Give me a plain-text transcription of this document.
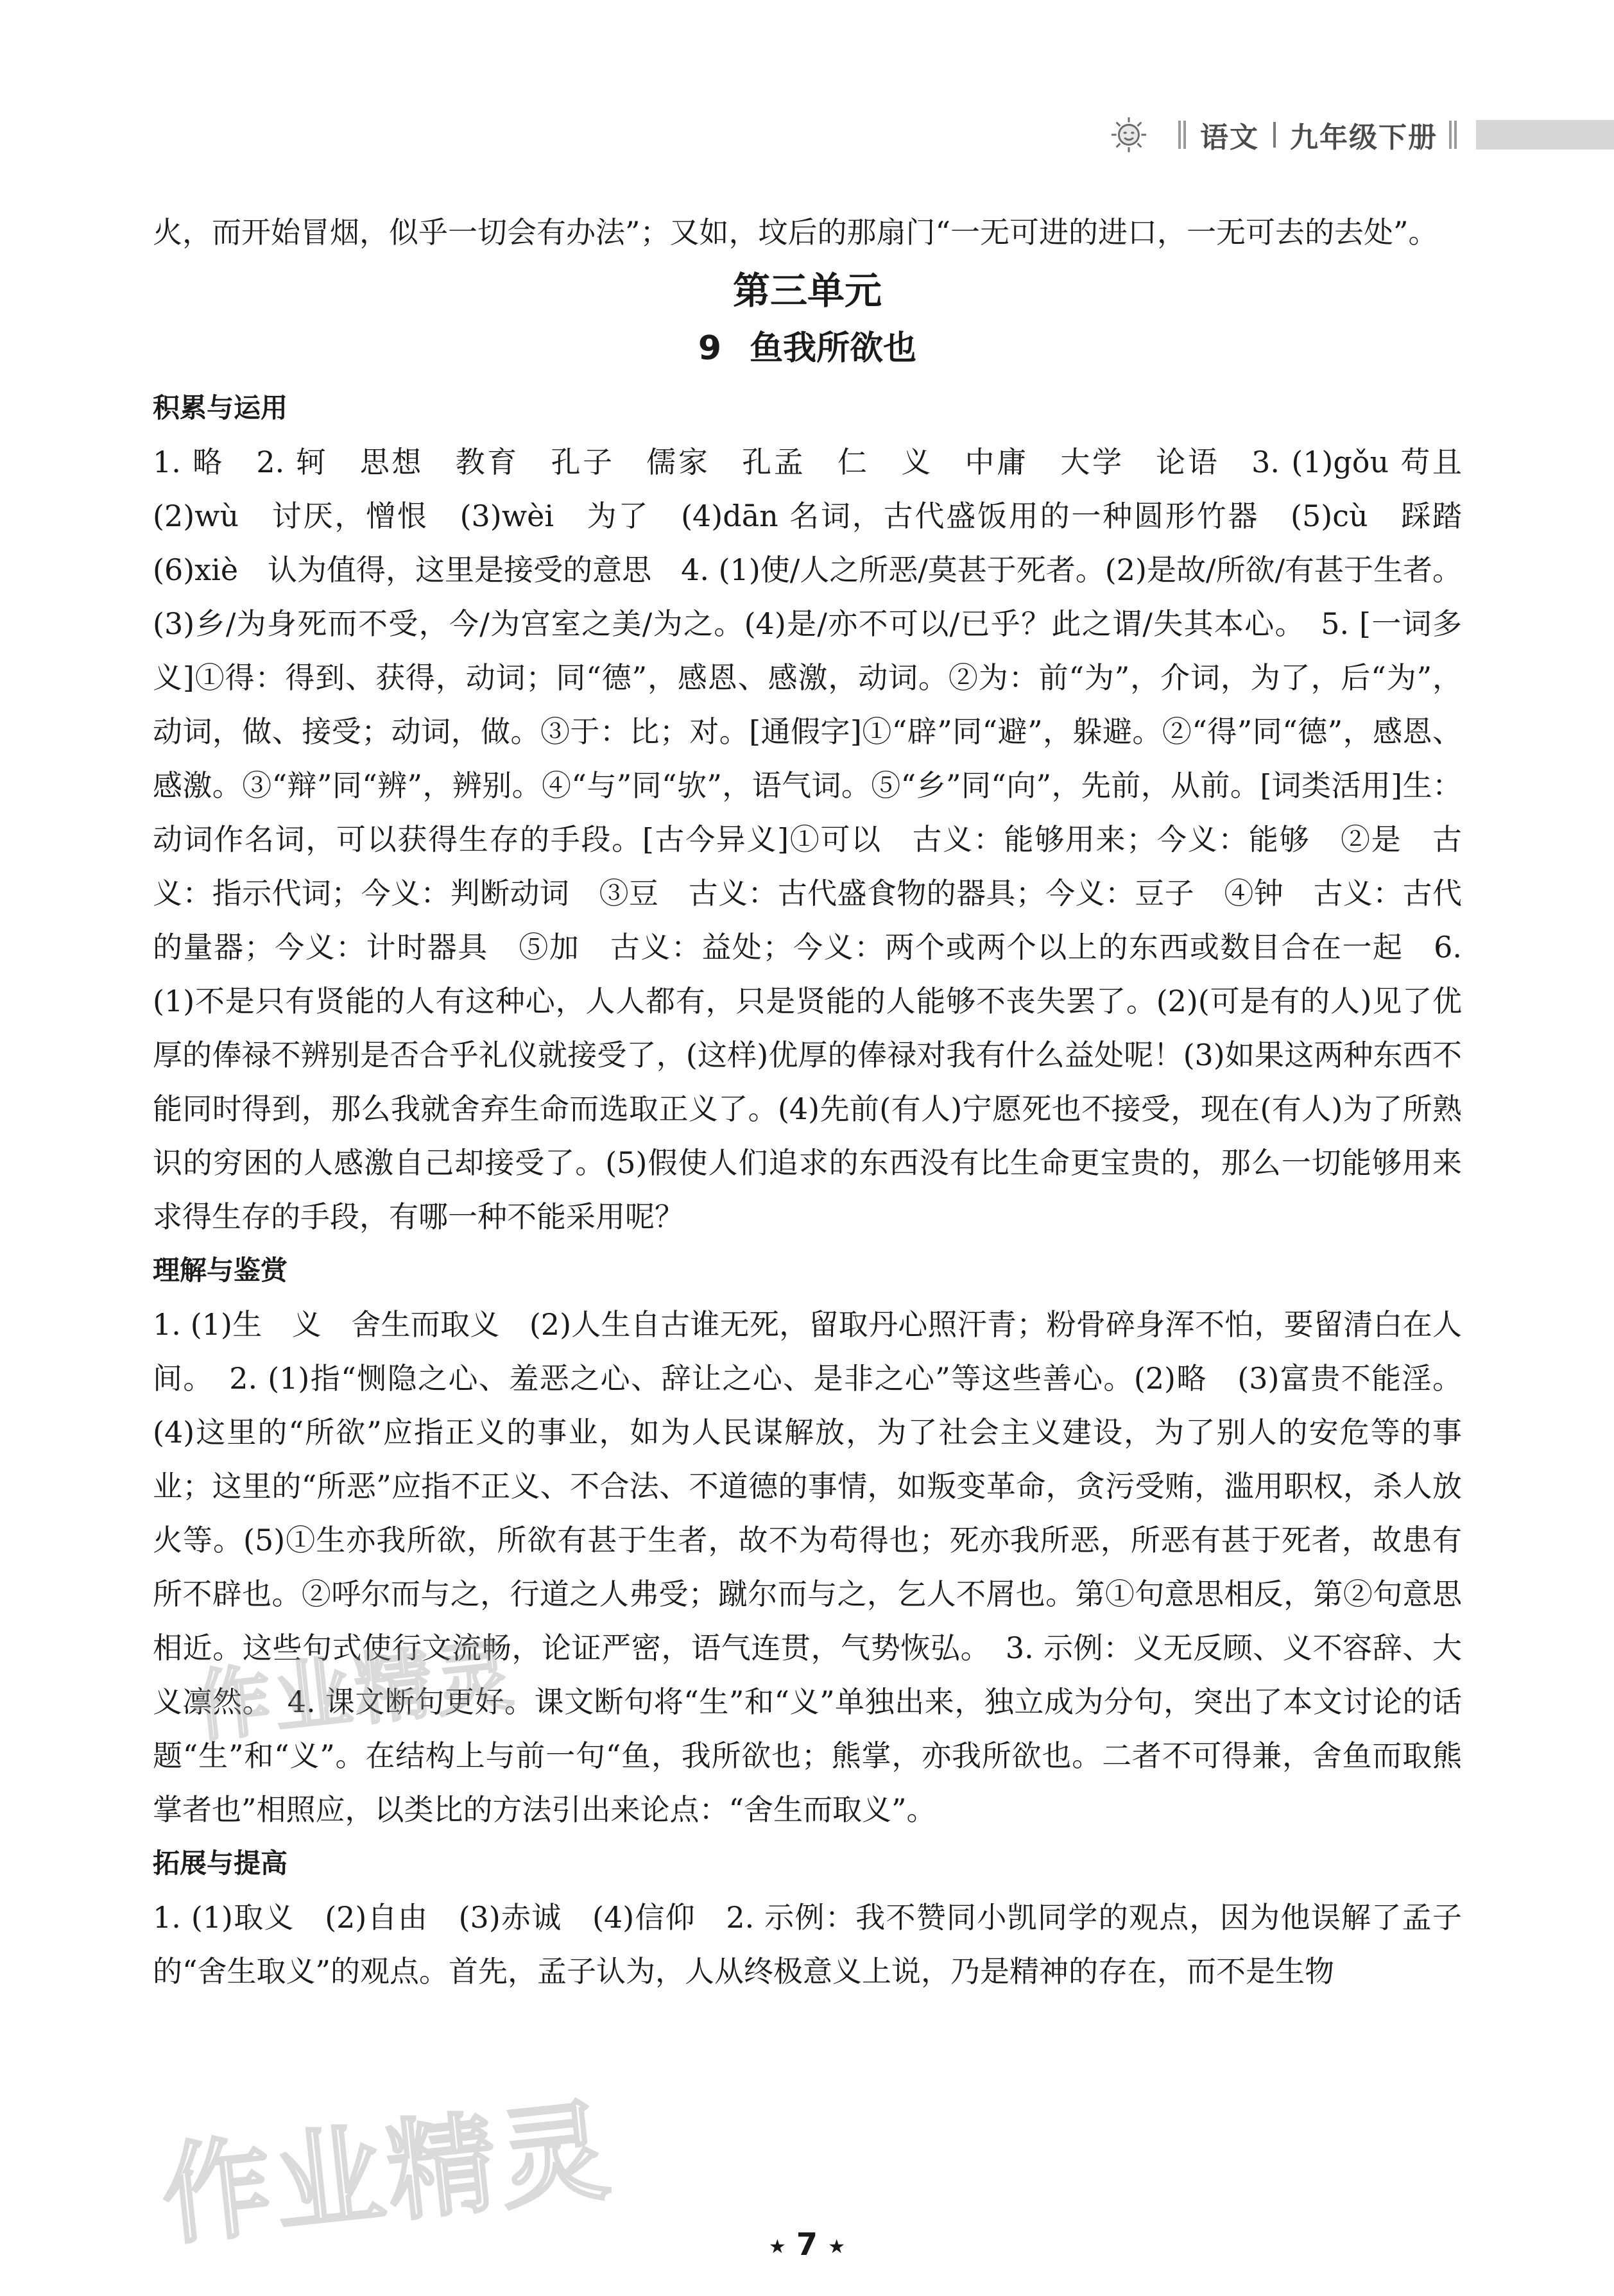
语文 九年级下册

火，而开始冒烟，似乎一切会有办法”；又如，坟后的那扇门“一无可进的进口，一无可去的去处”。

第三单元
9 鱼我所欲也
积累与运用

1. 略　2. 轲　思想　教育　孔子　儒家　孔孟　仁　义　中庸　大学　论语　3. (1)gǒu 苟且　(2)wù　讨厌，憎恨　(3)wèi　为了　(4)dān 名词，古代盛饭用的一种圆形竹器　(5)cù　踩踏　(6)xiè　认为值得，这里是接受的意思　4. (1)使/人之所恶/莫甚于死者。(2)是故/所欲/有甚于生者。(3)乡/为身死而不受，今/为宫室之美/为之。(4)是/亦不可以/已乎？此之谓/失其本心。　5. [一词多义]①得：得到、获得，动词；同“德”，感恩、感激，动词。②为：前“为”，介词，为了，后“为”，动词，做、接受；动词，做。③于：比；对。[通假字]①“辟”同“避”，躲避。②“得”同“德”，感恩、感激。③“辩”同“辨”，辨别。④“与”同“欤”，语气词。⑤“乡”同“向”，先前，从前。[词类活用]生：动词作名词，可以获得生存的手段。[古今异义]①可以　古义：能够用来；今义：能够　②是　古义：指示代词；今义：判断动词　③豆　古义：古代盛食物的器具；今义：豆子　④钟　古义：古代的量器；今义：计时器具　⑤加　古义：益处；今义：两个或两个以上的东西或数目合在一起　6. (1)不是只有贤能的人有这种心，人人都有，只是贤能的人能够不丧失罢了。(2)(可是有的人)见了优厚的俸禄不辨别是否合乎礼仪就接受了，(这样)优厚的俸禄对我有什么益处呢！(3)如果这两种东西不能同时得到，那么我就舍弃生命而选取正义了。(4)先前(有人)宁愿死也不接受，现在(有人)为了所熟识的穷困的人感激自己却接受了。(5)假使人们追求的东西没有比生命更宝贵的，那么一切能够用来求得生存的手段，有哪一种不能采用呢？

理解与鉴赏

1. (1)生　义　舍生而取义　(2)人生自古谁无死，留取丹心照汗青；粉骨碎身浑不怕，要留清白在人间。　2. (1)指“恻隐之心、羞恶之心、辞让之心、是非之心”等这些善心。(2)略　(3)富贵不能淫。(4)这里的“所欲”应指正义的事业，如为人民谋解放，为了社会主义建设，为了别人的安危等的事业；这里的“所恶”应指不正义、不合法、不道德的事情，如叛变革命，贪污受贿，滥用职权，杀人放火等。(5)①生亦我所欲，所欲有甚于生者，故不为苟得也；死亦我所恶，所恶有甚于死者，故患有所不辟也。②呼尔而与之，行道之人弗受；蹴尔而与之，乞人不屑也。第①句意思相反，第②句意思相近。这些句式使行文流畅，论证严密，语气连贯，气势恢弘。　3. 示例：义无反顾、义不容辞、大义凛然。　4. 课文断句更好。课文断句将“生”和“义”单独出来，独立成为分句，突出了本文讨论的话题“生”和“义”。在结构上与前一句“鱼，我所欲也；熊掌，亦我所欲也。二者不可得兼，舍鱼而取熊掌者也”相照应，以类比的方法引出来论点：“舍生而取义”。

拓展与提高

1. (1)取义　(2)自由　(3)赤诚　(4)信仰　2. 示例：我不赞同小凯同学的观点，因为他误解了孟子的“舍生取义”的观点。首先，孟子认为，人从终极意义上说，乃是精神的存在，而不是生物

作业精灵
作业精灵	★ 7 ★
